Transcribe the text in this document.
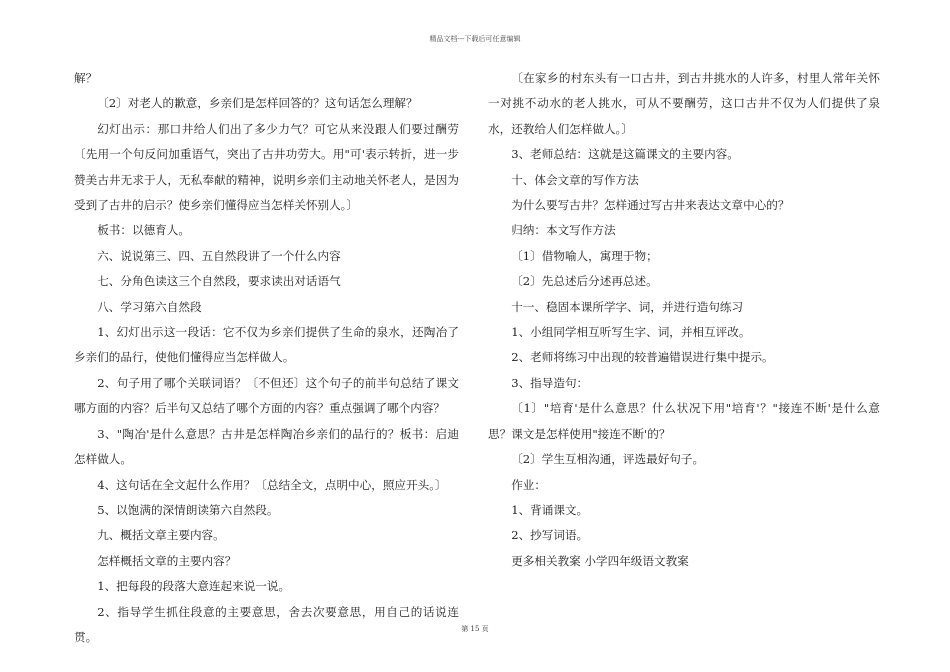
精品文档---下载后可任意编辑

解？

〔2〕对老人的歉意，乡亲们是怎样回答的？这句话怎么理解？

幻灯出示：那口井给人们出了多少力气？可它从来没跟人们要过酬劳〔先用一个句反问加重语气，突出了古井功劳大。用"可'表示转折，进一步赞美古井无求于人，无私奉献的精神，说明乡亲们主动地关怀老人，是因为受到了古井的启示？使乡亲们懂得应当怎样关怀别人。〕

板书：以德育人。

六、说说第三、四、五自然段讲了一个什么内容

七、分角色读这三个自然段，要求读出对话语气

八、学习第六自然段

1、幻灯出示这一段话：它不仅为乡亲们提供了生命的泉水，还陶冶了乡亲们的品行，使他们懂得应当怎样做人。

2、句子用了哪个关联词语？〔不但还〕这个句子的前半句总结了课文哪方面的内容？后半句又总结了哪个方面的内容？重点强调了哪个内容？

3、"陶冶'是什么意思？古井是怎样陶冶乡亲们的品行的？板书：启迪怎样做人。

4、这句话在全文起什么作用？〔总结全文，点明中心，照应开头。〕

5、以饱满的深情朗读第六自然段。

九、概括文章主要内容。

怎样概括文章的主要内容？

1、把每段的段落大意连起来说一说。

2、指导学生抓住段意的主要意思，舍去次要意思，用自己的话说连贯。

〔在家乡的村东头有一口古井，到古井挑水的人许多，村里人常年关怀一对挑不动水的老人挑水，可从不要酬劳，这口古井不仅为人们提供了泉水，还教给人们怎样做人。〕

3、老师总结：这就是这篇课文的主要内容。

十、体会文章的写作方法

为什么要写古井？怎样通过写古井来表达文章中心的？

归纳：本文写作方法

〔1〕借物喻人，寓理于物；

〔2〕先总述后分述再总述。

十一、稳固本课所学字、词，并进行造句练习

1、小组同学相互听写生字、词，并相互评改。

2、老师将练习中出现的较普遍错误进行集中提示。

3、指导造句：

〔1〕"培育'是什么意思？什么状况下用"培育'？"接连不断'是什么意思？课文是怎样使用"接连不断'的？

〔2〕学生互相沟通，评选最好句子。

作业：

1、背诵课文。

2、抄写词语。

更多相关教案 小学四年级语文教案

第 15 页
